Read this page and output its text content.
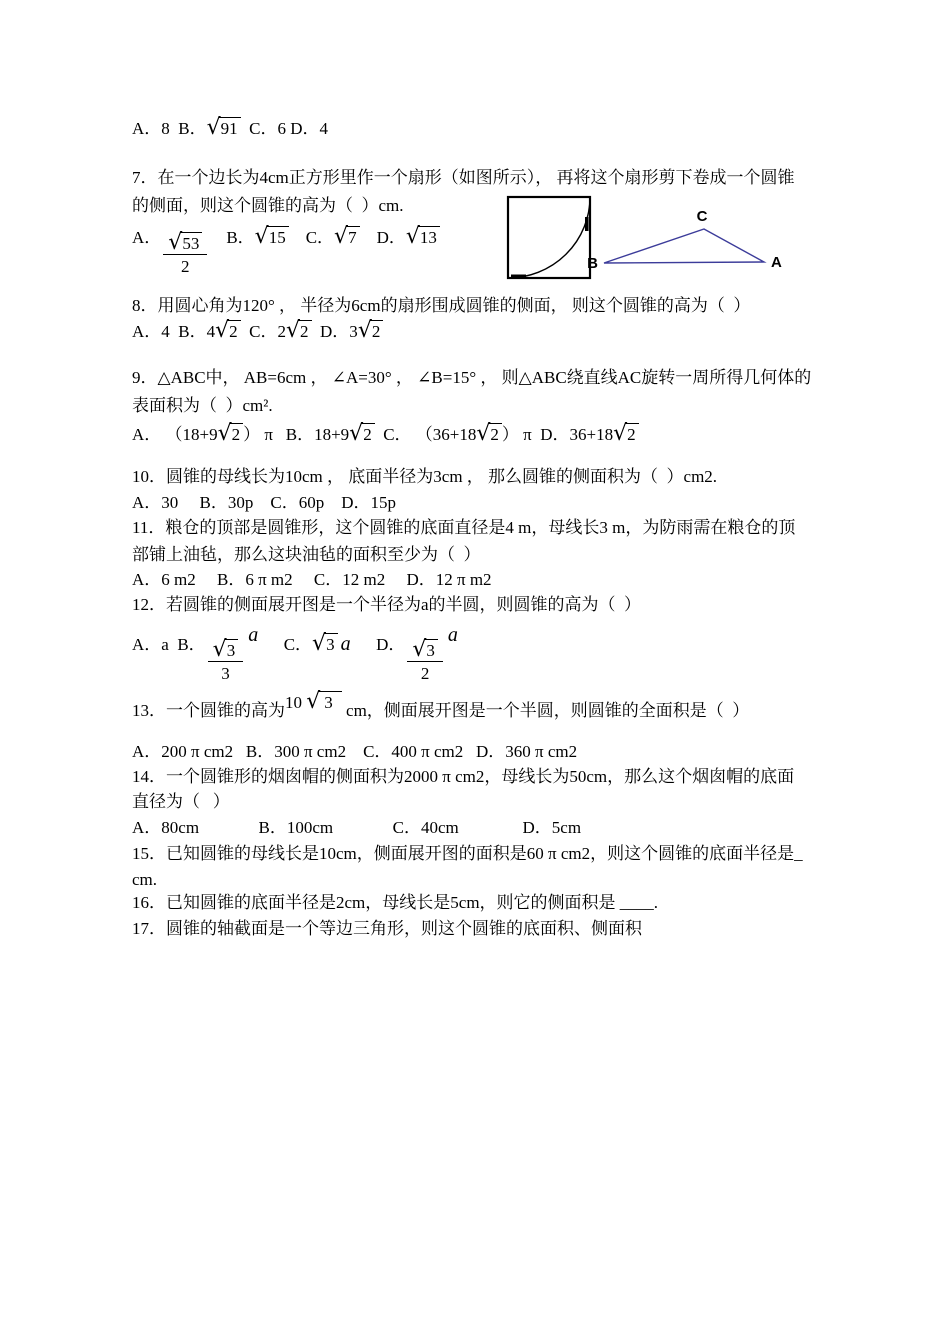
A．8  B． √ 91 C．6 D．4
7．在一个边长为4cm正方形里作一个扇形（如图所示）， 再将这个扇形剪下卷成一个圆锥
的侧面，则这个圆锥的高为（  ）cm.
A． $\frac{√ 53}{2}$ B． √ 15 C． √ 7 D． √ 13
B
C
A
8．用圆心角为120° ， 半径为6cm的扇形围成圆锥的侧面， 则这个圆锥的高为（  ）
A．4  B．4 √ 2 C．2 √ 2 D．3 √ 2
9．△ABC中， AB=6cm ， ∠A=30° ， ∠B=15° ， 则△ABC绕直线AC旋转一周所得几何体的
表面积为（  ）cm².
A． （18+9 √ 2 ） π   B．18+9 √ 2 C． （36+18 √ 2 ） π  D．36+18 √ 2
10．圆锥的母线长为10cm ， 底面半径为3cm ， 那么圆锥的侧面积为（  ）cm2.
A．30     B．30p    C．60p    D．15p
11．粮仓的顶部是圆锥形，这个圆锥的底面直径是4 m，母线长3 m，为防雨需在粮仓的顶
部铺上油毡，那么这块油毡的面积至少为（  ）
A．6 m2     B．6 π m2     C．12 m2     D．12 π m2
12．若圆锥的侧面展开图是一个半径为a的半圆，则圆锥的高为（  ）
A．a  B． $\frac{√ 3}{3}$
a      C． √ 3 a      D． $\frac{√ 3}{2}$
a
13．一个圆锥的高为10 √ 3 cm，侧面展开图是一个半圆，则圆锥的全面积是（  ）
A．200 π cm2   B．300 π cm2    C．400 π cm2   D．360 π cm2
14．一个圆锥形的烟囱帽的侧面积为2000 π cm2，母线长为50cm，那么这个烟囱帽的底面
直径为（   ）
A．80cm              B．100cm              C．40cm               D．5cm
15．已知圆锥的母线长是10cm，侧面展开图的面积是60 π cm2，则这个圆锥的底面半径是_
cm.
16．已知圆锥的底面半径是2cm，母线长是5cm，则它的侧面积是 ____.
17．圆锥的轴截面是一个等边三角形，则这个圆锥的底面积、侧面积
